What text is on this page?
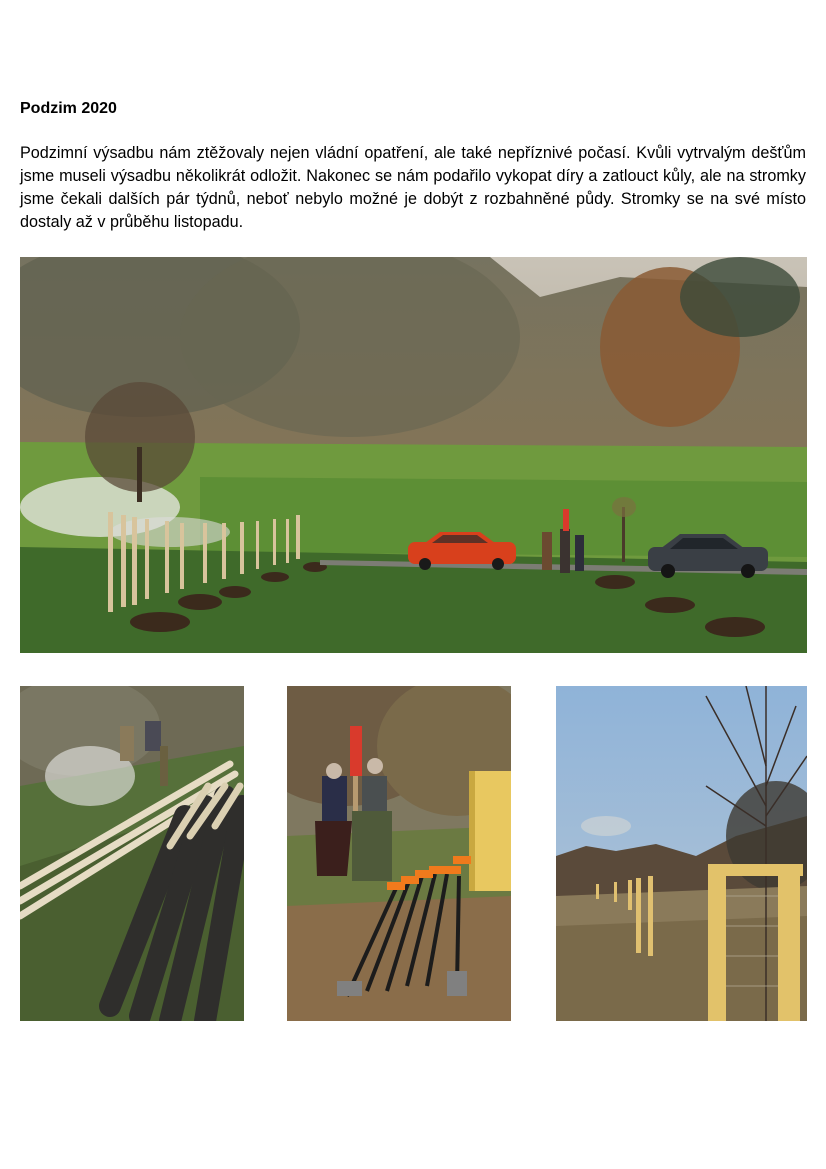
Podzim 2020

Podzimní výsadbu nám ztěžovaly nejen vládní opatření, ale také nepříznivé počasí. Kvůli vytrvalým dešťům jsme museli výsadbu několikrát odložit. Nakonec se nám podařilo vykopat díry a zatlouct kůly, ale na stromky jsme čekali dalších pár týdnů, neboť nebylo možné je dobýt z rozbahněné půdy. Stromky se na své místo dostaly až v průběhu listopadu.
